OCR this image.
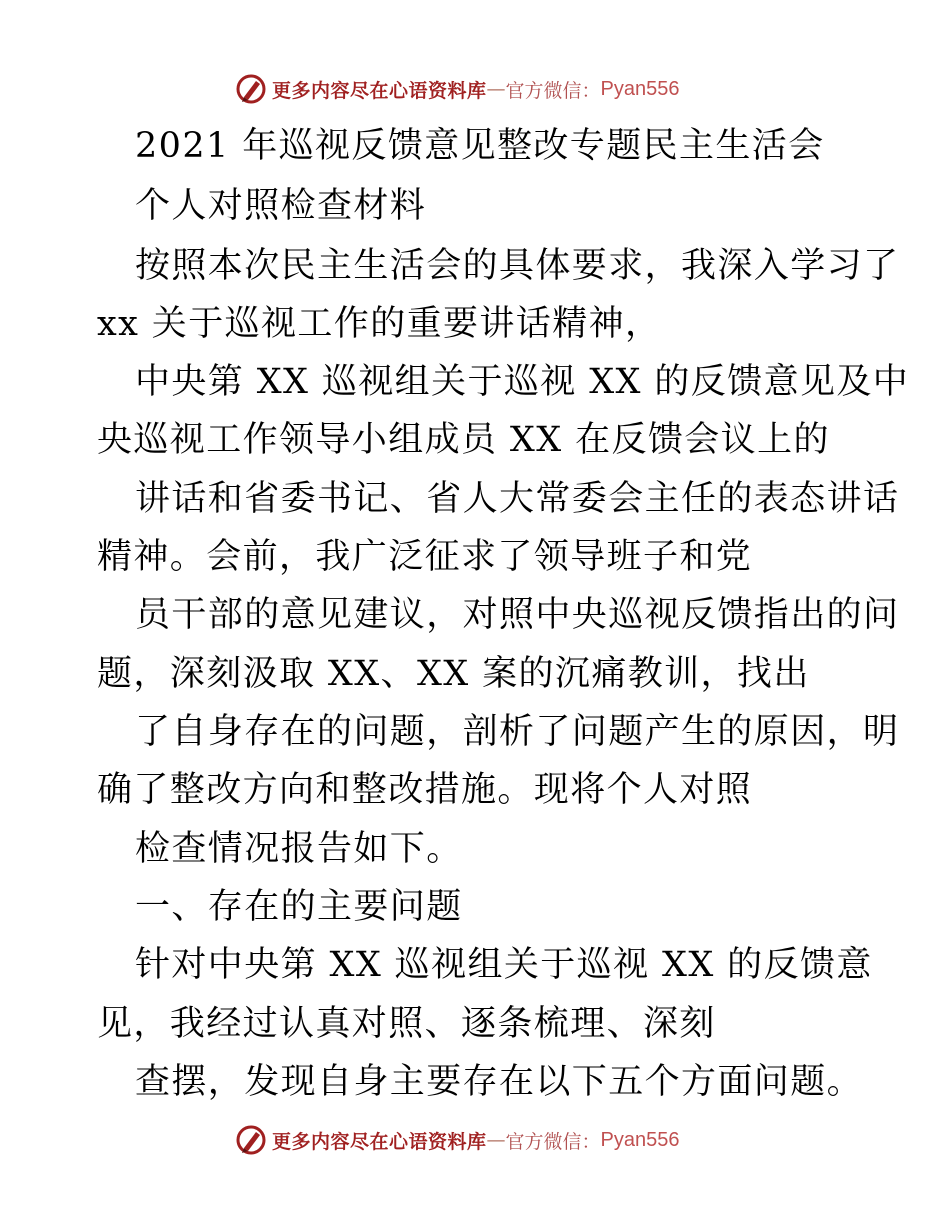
更多内容尽在心语资料库 — 官方微信： Pyan556
2021 年巡视反馈意见整改专题民主生活会
个人对照检查材料
按照本次民主生活会的具体要求，我深入学习了
xx 关于巡视工作的重要讲话精神，
中央第 XX 巡视组关于巡视 XX 的反馈意见及中
央巡视工作领导小组成员 XX 在反馈会议上的
讲话和省委书记、省人大常委会主任的表态讲话
精神。会前，我广泛征求了领导班子和党
员干部的意见建议，对照中央巡视反馈指出的问
题，深刻汲取 XX、XX 案的沉痛教训，找出
了自身存在的问题，剖析了问题产生的原因，明
确了整改方向和整改措施。现将个人对照
检查情况报告如下。
一、存在的主要问题
针对中央第 XX 巡视组关于巡视 XX 的反馈意
见，我经过认真对照、逐条梳理、深刻
查摆，发现自身主要存在以下五个方面问题。
更多内容尽在心语资料库 — 官方微信： Pyan556
